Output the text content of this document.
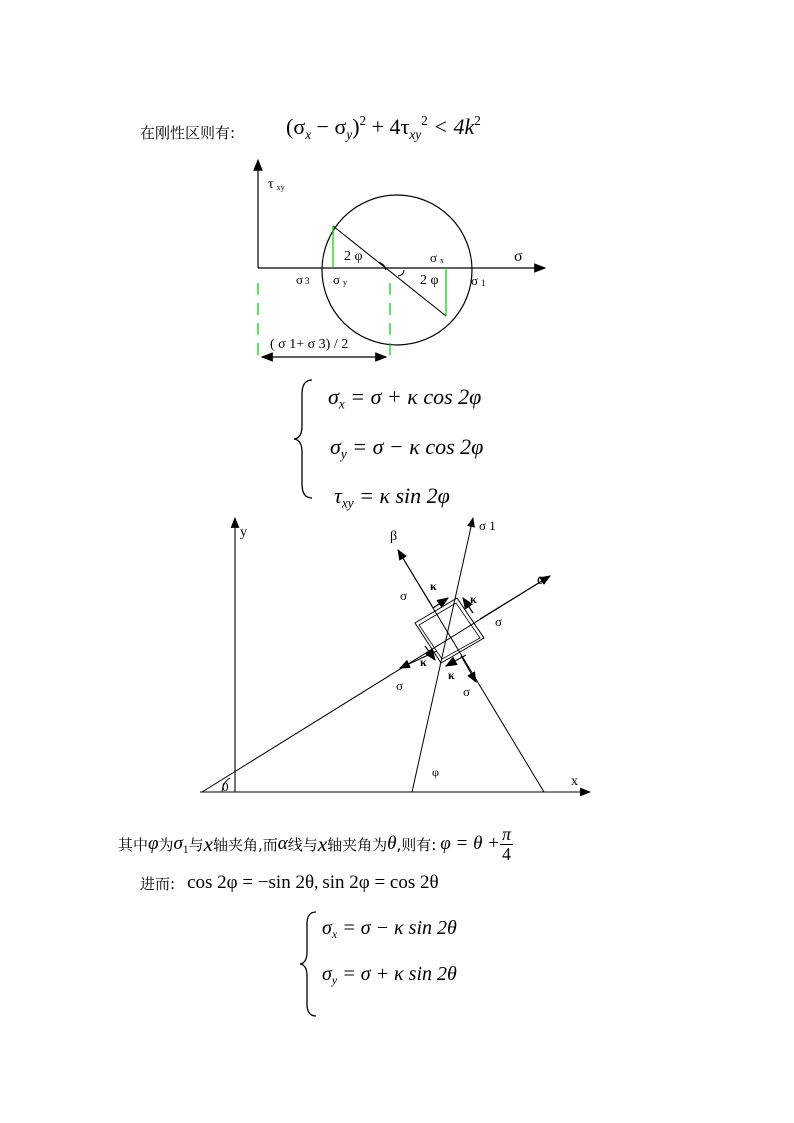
在刚性区则有: $(\sigma_x - \sigma_y)^2 + 4\tau_{xy}^2 < 4k^2$
τxy
σ
σ 3 σy
σx
σ 1
2 φ
2 φ
( σ 1+ σ 3) / 2
$\sigma_x = \sigma + \kappa$ cos 2φ
$\sigma_y = \sigma - \kappa$ cos 2φ
$\tau_{xy} = \kappa$ sin 2φ
y
x
β
α
σ 1
0
φ
σ
σ
σ	σ
κ
κ
κ
κ
其中 φ 为 $\sigma_1$ 与 x 轴夹角,而 α 线与 x 轴夹角为 θ ,则有: $\varphi = \theta + \frac{\pi}{4}$
进而: cos 2φ = −sin 2θ , sin 2φ = cos 2θ
$\sigma_x = \sigma - \kappa$ sin 2θ
$\sigma_y = \sigma + \kappa$ sin 2θ
